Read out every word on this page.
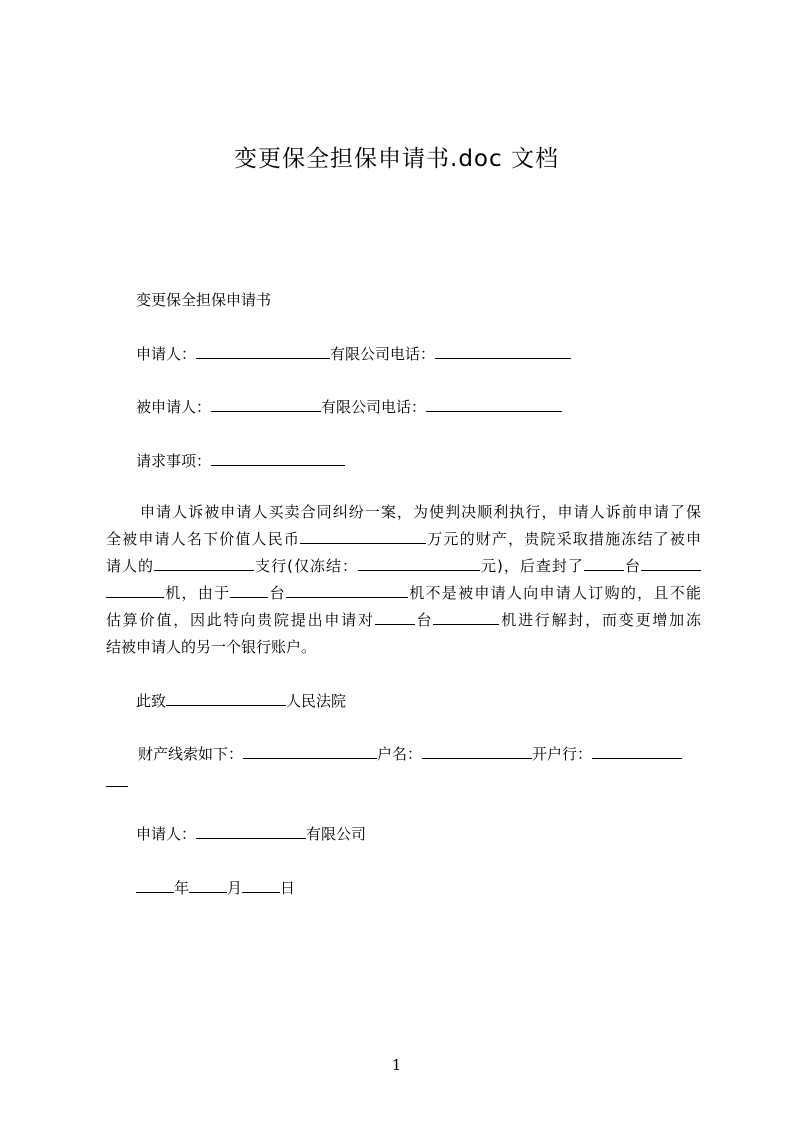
变更保全担保申请书.doc 文档
变更保全担保申请书
申请人：	有限公司电话：
被申请人：	有限公司电话：
请求事项：
申请人诉被申请人买卖合同纠纷一案，为使判决顺利执行，申请人诉前申请了保
全被申请人名下价值人民币	万元的财产，贵院采取措施冻结了被申
请人的	支行(仅冻结：	元)，后查封了	台
机，由于	台	机不是被申请人向申请人订购的，且不能
估算价值，因此特向贵院提出申请对	台	机进行解封，而变更增加冻
结被申请人的另一个银行账户。
此致	人民法院
财产线索如下：	户名：	开户行：
申请人：	有限公司
年	月	日
1
